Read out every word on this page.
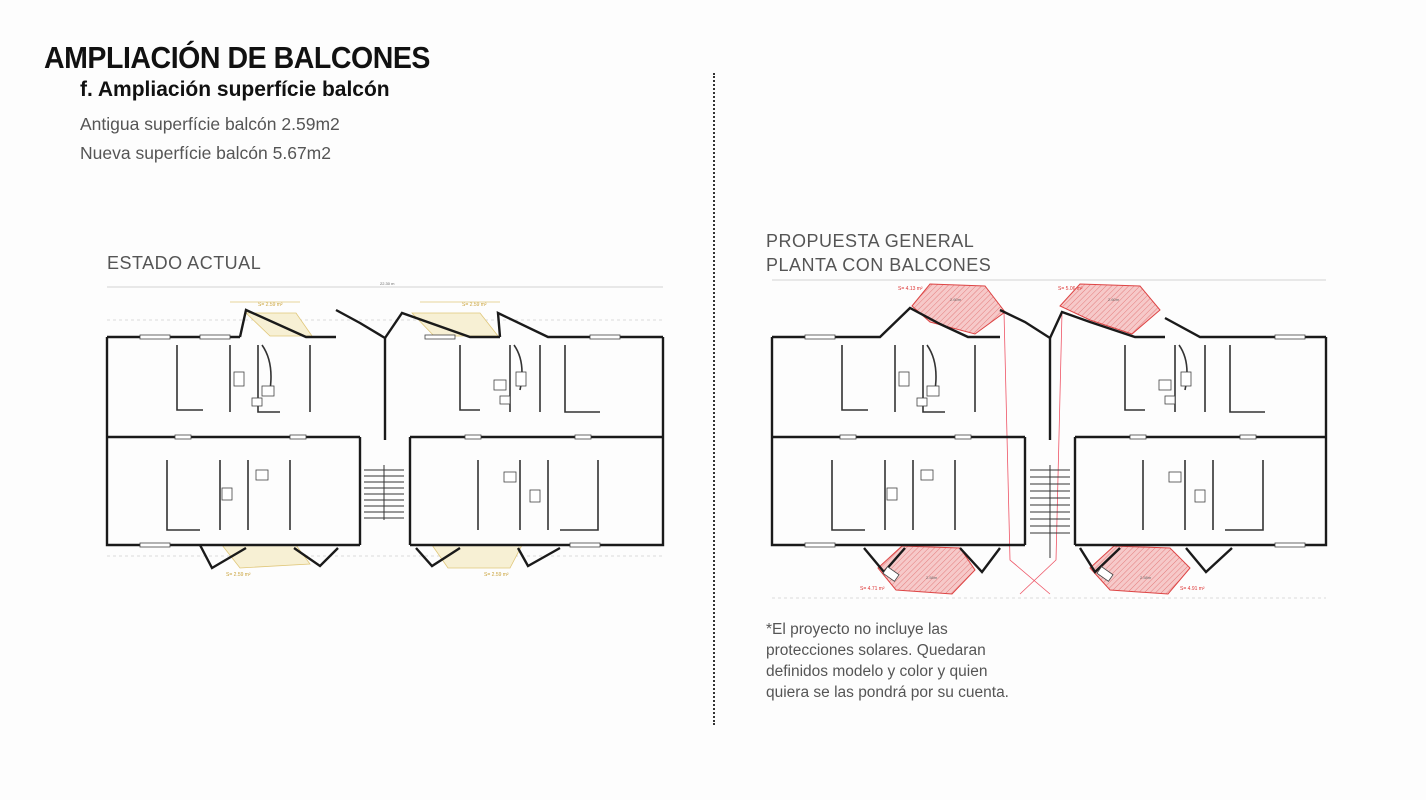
AMPLIACIÓN DE BALCONES
f. Ampliación superfície balcón

Antigua superfície balcón 2.59m2

Nueva superfície balcón 5.67m2

ESTADO ACTUAL

PROPUESTA GENERAL
PLANTA CON BALCONES

*El proyecto no incluye las protecciones solares. Quedaran definidos modelo y color y quien quiera se las pondrá por su cuenta.

22.30 m
S= 2.59 m²	S= 2.59 m²
S= 2.59 m²	S= 2.59 m²
S= 4.13 m²	S= 5.06 m²
S= 4.71 m²	S= 4.91 m²
2.60m	2.60m
2.58m	2.58m
